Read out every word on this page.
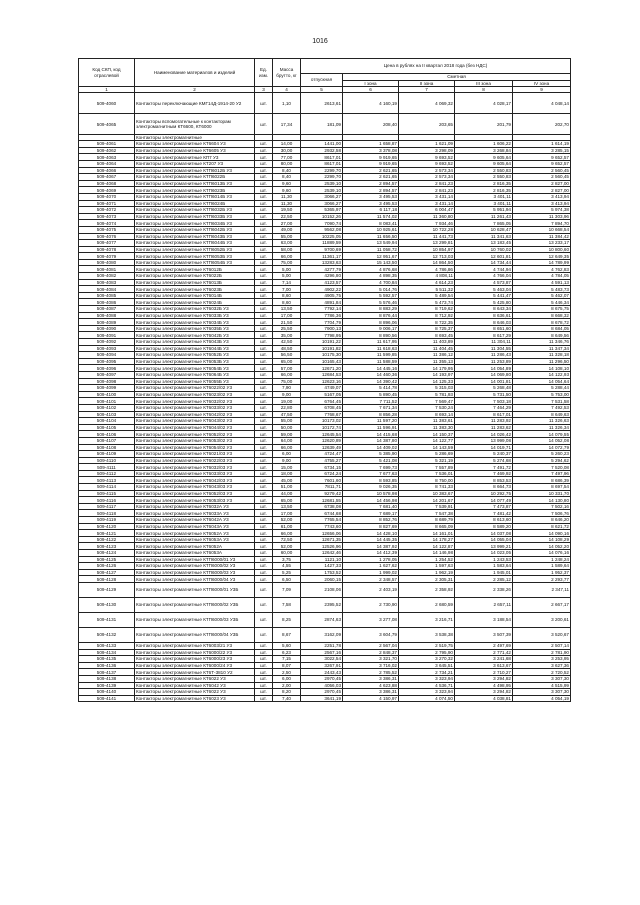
1016
Код СКП, код отраслевой	Наименование материалов и изделий	Ед. изм.	Масса брутто, кг	Цена в рублях на II квартал 2018 года (без НДС)				
				отпускная	Сметная			
					I зона	II зона	III зона	IV зона
1	2	3	4	5	6	7	8	9
509-4060	Контакторы переключающие КМГ14Д-1914-20 У2	шт.	1,10	2613,61	4 160,19	4 069,32	4 028,17	4 048,14
509-4065	Контакторы вспомогательные к контакторам электромагнитным КТ6600, КТ6000	шт.	17,34	181,09	208,40	203,65	201,79	202,70
	Контакторы электромагнитные							
509-4061	Контакторы электромагнитные КТ6604 У3	шт.	14,00	1441,00	1 658,87	1 621,09	1 606,22	1 614,19
509-4062	Контакторы электромагнитные КТ6605 У3	шт.	30,00	2932,58	3 378,08	3 298,09	3 268,84	3 285,15
509-4063	Контакторы электромагнитные КП7 У3	шт.	77,00	8617,01	9 919,65	9 693,52	9 605,64	9 652,57
509-4064	Контакторы электромагнитные КТ207 У3	шт.	80,00	8617,01	9 919,65	9 693,52	9 605,64	9 652,57
509-4066	Контакторы электромагнитные КТП6012Б У3	шт.	8,40	2299,70	2 621,65	2 573,34	2 550,83	2 560,45
509-4067	Контакторы электромагнитные КТП6022Б	шт.	8,40	2299,70	2 621,65	2 573,34	2 550,83	2 560,45
509-4068	Контакторы электромагнитные КТП6013Б У3	шт.	9,60	2539,10	2 894,57	2 841,23	2 816,35	2 827,00
509-4069	Контакторы электромагнитные КТП6023Б	шт.	9,60	2539,10	2 894,57	2 841,23	2 816,35	2 827,00
509-4070	Контакторы электромагнитные КТП6014Б У3	шт.	11,30	3066,27	3 495,53	3 431,14	3 401,11	3 413,94
509-4071	Контакторы электромагнитные КТП6024Б	шт.	11,30	3066,27	3 495,53	3 431,14	3 401,11	3 413,94
509-4072	Контакторы электромагнитные КТП6032Б У3	шт.	19,50	5365,97	6 117,18	6 004,47	5 951,94	5 974,38
509-4073	Контакторы электромагнитные КТП6033Б У3	шт.	22,50	10152,26	11 574,02	11 360,80	11 261,43	11 303,96
509-4074	Контакторы электромагнитные КТП6034Б У3	шт.	27,00	7090,74	8 083,41	7 934,46	7 865,05	7 894,70
509-4075	Контакторы электромагнитные КТП6042Б У3	шт.	49,00	9562,08	10 925,61	10 722,28	10 628,47	10 668,54
509-4076	Контакторы электромагнитные КТП6043Б У3	шт.	55,00	10225,05	11 656,50	11 441,73	11 341,63	11 384,42
509-4077	Контакторы электромагнитные КТП6044Б У3	шт.	63,00	11889,59	13 549,94	13 299,81	13 183,45	13 233,17
509-4078	Контакторы электромагнитные КТП6052Б У3	шт.	58,00	9700,69	11 058,72	10 854,97	10 760,02	10 800,60
509-4079	Контакторы электромагнитные КТП6053Б У3	шт.	66,00	11361,17	12 951,67	12 713,03	12 601,81	12 649,35
509-4080	Контакторы электромагнитные КТП6054Б У3	шт.	75,00	13283,63	15 143,50	14 864,50	14 734,44	14 789,99
509-4081	Контакторы электромагнитные КТ6012Б	шт.	5,00	4277,79	4 876,68	4 786,86	4 744,94	4 762,83
509-4082	Контакторы электромагнитные КТ6022Б	шт.	5,00	4296,80	4 898,35	4 808,11	4 766,04	4 784,05
509-4083	Контакторы электромагнитные КТ6013Б	шт.	7,14	4123,57	4 700,84	4 614,23	4 573,87	4 591,13
509-4084	Контакторы электромагнитные КТ6023Б	шт.	7,00	4902,22	5 014,76	5 511,32	5 463,04	5 483,73
509-4085	Контакторы электромагнитные КТ6014Б	шт.	8,60	4905,75	5 592,57	5 489,54	5 441,47	5 462,07
509-4086	Контакторы электромагнитные КТ6024Б	шт.	8,60	4891,84	5 576,46	5 473,74	5 425,80	5 446,34
509-4087	Контакторы электромагнитные КТ6032Б У3	шт.	13,50	7792,14	8 883,29	8 719,62	8 643,34	8 675,75
509-4088	Контакторы электромагнитные КТ6033Б У3	шт.	17,00	7786,36	8 876,44	8 712,92	8 636,61	8 668,32
509-4089	Контакторы электромагнитные КТ6034Б У3	шт.	21,50	7704,79	8 896,06	8 722,35	8 646,03	8 678,72
509-4090	Контакторы электромагнитные КТ6035Б У3	шт.	25,50	7900,13	9 006,17	8 725,37	8 651,60	8 684,05
509-4091	Контакторы электромагнитные КТ6042Б У3	шт.	35,00	7798,95	8 890,56	8 693,45	8 617,29	8 649,56
509-4092	Контакторы электромагнитные КТ6043Б У3	шт.	42,50	10191,22	11 617,95	11 403,89	11 304,11	11 346,76
509-4093	Контакторы электромагнитные КТ6044Б У3	шт.	48,50	10191,82	11 618,63	11 404,45	11 304,55	11 347,34
509-4094	Контакторы электромагнитные КТ6052Б У3	шт.	56,50	10175,30	11 599,85	11 386,12	11 286,43	11 328,18
509-4095	Контакторы электромагнитные КТ6053Б У3	шт.	65,00	10165,43	11 588,59	11 355,13	11 253,89	11 296,50
509-4096	Контакторы электромагнитные КТ6054Б У3	шт.	57,00	12671,20	14 445,16	14 179,95	14 054,89	14 108,10
509-4097	Контакторы электромагнитные КТ6064Б У3	шт.	66,00	12684,53	14 460,36	14 193,97	14 069,80	14 122,93
509-4098	Контакторы электромагнитные КТ6055Б У3	шт.	75,00	12623,16	14 390,42	14 125,33	14 001,81	14 054,64
509-4099	Контакторы электромагнитные КТ6022/02 У3	шт.	7,90	4749,07	5 414,78	5 315,03	5 268,48	5 288,44
509-4100	Контакторы электромагнитные КТ6023/02 У3	шт.	9,00	5167,05	5 890,45	5 781,93	5 731,50	5 753,00
509-4101	Контакторы электромагнитные КТ6032/02 У3	шт.	19,00	6764,45	7 711,52	7 569,47	7 503,18	7 531,58
509-4102	Контакторы электромагнитные КТ6033/02 У3	шт.	22,80	6708,45	7 671,34	7 530,24	7 464,29	7 492,53
509-4103	Контакторы электромагнитные КТ6042/02 У3	шт.	47,50	7768,67	8 856,28	8 693,14	8 617,01	8 649,63
509-4104	Контакторы электромагнитные КТ6043/02 У3	шт.	55,00	10173,02	11 597,20	11 383,61	11 283,92	11 326,63
509-4105	Контакторы электромагнитные КТ6044/02 У3	шт.	50,00	10172,74	11 596,91	11 383,30	11 283,62	11 326,34
509-4106	Контакторы электромагнитные КТ6052/02 У3	шт.	59,00	12645,54	14 415,68	14 150,37	14 026,42	14 079,55
509-4107	Контакторы электромагнитные КТ6053/02 У3	шт.	64,00	12620,89	14 387,80	14 122,77	13 999,08	14 052,08
509-4108	Контакторы электромагнитные КТ6054/02 У3	шт.	66,00	12639,49	14 409,02	14 143,59	14 019,71	14 072,79
509-4109	Контакторы электромагнитные КТ6021/03 У3	шт.	6,00	4724,47	5 385,90	5 286,69	5 240,37	5 260,23
509-4110	Контакторы электромагнитные КТ6022/03 У3	шт.	9,00	4755,27	5 421,08	5 321,19	5 274,68	5 294,62
509-4111	Контакторы электромагнитные КТ6032/03 У3	шт.	15,00	6734,15	7 699,73	7 557,89	7 491,72	7 520,08
509-4112	Контакторы электромагнитные КТ6033/03 У3	шт.	18,00	6724,24	7 677,63	7 536,01	7 469,92	7 497,96
509-4113	Контакторы электромагнитные КТ6042/03 У3	шт.	45,00	7601,60	8 593,85	8 750,00	8 853,53	8 686,39
509-4114	Контакторы электромагнитные КТ6043/03 У3	шт.	51,00	7811,71	9 026,35	8 741,33	8 664,73	8 697,54
509-4115	Контакторы электромагнитные КТ6052/03 У3	шт.	44,00	9279,42	10 578,98	10 383,67	10 292,75	10 331,70
509-4116	Контакторы электромагнитные КТ6053/03 У3	шт.	65,00	12681,55	14 456,98	14 201,67	14 077,49	14 130,80
509-4117	Контакторы электромагнитные КТ6032А У3	шт.	13,50	6738,08	7 681,40	7 539,91	7 473,87	7 502,16
509-4118	Контакторы электромагнитные КТ6033А У3	шт.	17,00	6744,68	7 689,17	7 547,38	7 481,42	7 506,76
509-4119	Контакторы электромагнитные КТ6042А У3	шт.	52,00	7765,54	8 852,76	8 689,79	8 613,60	8 646,20
509-4120	Контакторы электромагнитные КТ6043А У3	шт.	61,00	7743,60	8 827,69	8 665,09	8 589,20	8 621,72
509-4121	Контакторы электромагнитные КТ6052А У3	шт.	66,00	12656,06	14 428,10	14 161,01	14 037,08	14 090,16
509-4122	Контакторы электромагнитные КТ6053А У3	шт.	72,50	12671,35	14 445,35	14 178,27	14 055,04	14 108,29
509-4123	Контакторы электромагнитные КТ6052А	шт.	52,00	12526,96	14 387,92	14 122,87	13 999,21	14 052,20
509-4124	Контакторы электромагнитные КТ6053А	шт.	60,00	12642,46	14 412,39	14 146,98	14 023,05	14 076,16
509-4125	Контакторы электромагнитные КТП6000/01 У3	шт.	3,75	1121,10	1 278,05	1 254,52	1 243,53	1 248,24
509-4126	Контакторы электромагнитные КТП6000/02 У3	шт.	4,55	1427,33	1 627,62	1 597,63	1 583,64	1 589,64
509-4127	Контакторы электромагнитные КТП6000/03 У3	шт.	5,25	1753,52	1 999,02	1 962,19	1 945,01	1 952,37
509-4128	Контакторы электромагнитные КТП6000/04 У3	шт.	6,50	2060,15	2 348,57	2 305,31	2 285,12	2 293,77
509-4129	Контакторы электромагнитные КТП6000/01 У3Б	шт.	7,09	2108,06	2 403,19	2 358,92	2 338,26	2 347,11
509-4130	Контакторы электромагнитные КТП6000/02 У3Б	шт.	7,58	2395,52	2 730,90	2 680,59	2 657,11	2 667,17
509-4131	Контакторы электромагнитные КТП6000/03 У3Б	шт.	8,25	2874,63	3 277,08	3 216,71	3 188,54	3 200,61
509-4132	Контакторы электромагнитные КТП6000/04 У3Б	шт.	8,67	3162,09	3 604,79	3 538,38	3 507,39	3 520,67
509-4133	Контакторы электромагнитные КТ6003/21 У3	шт.	5,60	2251,78	2 567,04	2 519,75	2 497,69	2 507,14
509-4134	Контакторы электромагнитные КТ6000/22 У3	шт.	6,23	2567,16	2 848,37	2 795,90	2 771,42	2 781,90
509-4135	Контакторы электромагнитные КТ6000/23 У3	шт.	7,15	3022,54	3 321,70	3 270,32	3 241,68	3 253,95
509-4136	Контакторы электромагнитные КТ6000/24 У3	шт.	8,07	3267,91	3 716,02	3 645,51	3 613,67	3 627,36
509-4137	Контакторы электромагнитные КТ6Т-3810 У2	шт.	2,50	2443,43	2 785,52	2 734,21	2 710,27	2 720,52
509-4138	Контакторы электромагнитные КТ6022 У3	шт.	6,00	2970,45	3 386,31	3 323,94	3 294,82	3 307,30
509-4139	Контакторы электромагнитные КТ6042 У3	шт.	2,00	4056,03	4 623,88	4 536,71	4 498,95	4 515,99
509-4140	Контакторы электромагнитные КТ6022 У3	шт.	8,20	2970,45	3 386,31	3 323,94	3 294,82	3 307,30
509-4141	Контакторы электромагнитные КТ6023 У3	шт.	7,40	3641,19	4 150,97	4 074,50	4 038,81	4 054,19
